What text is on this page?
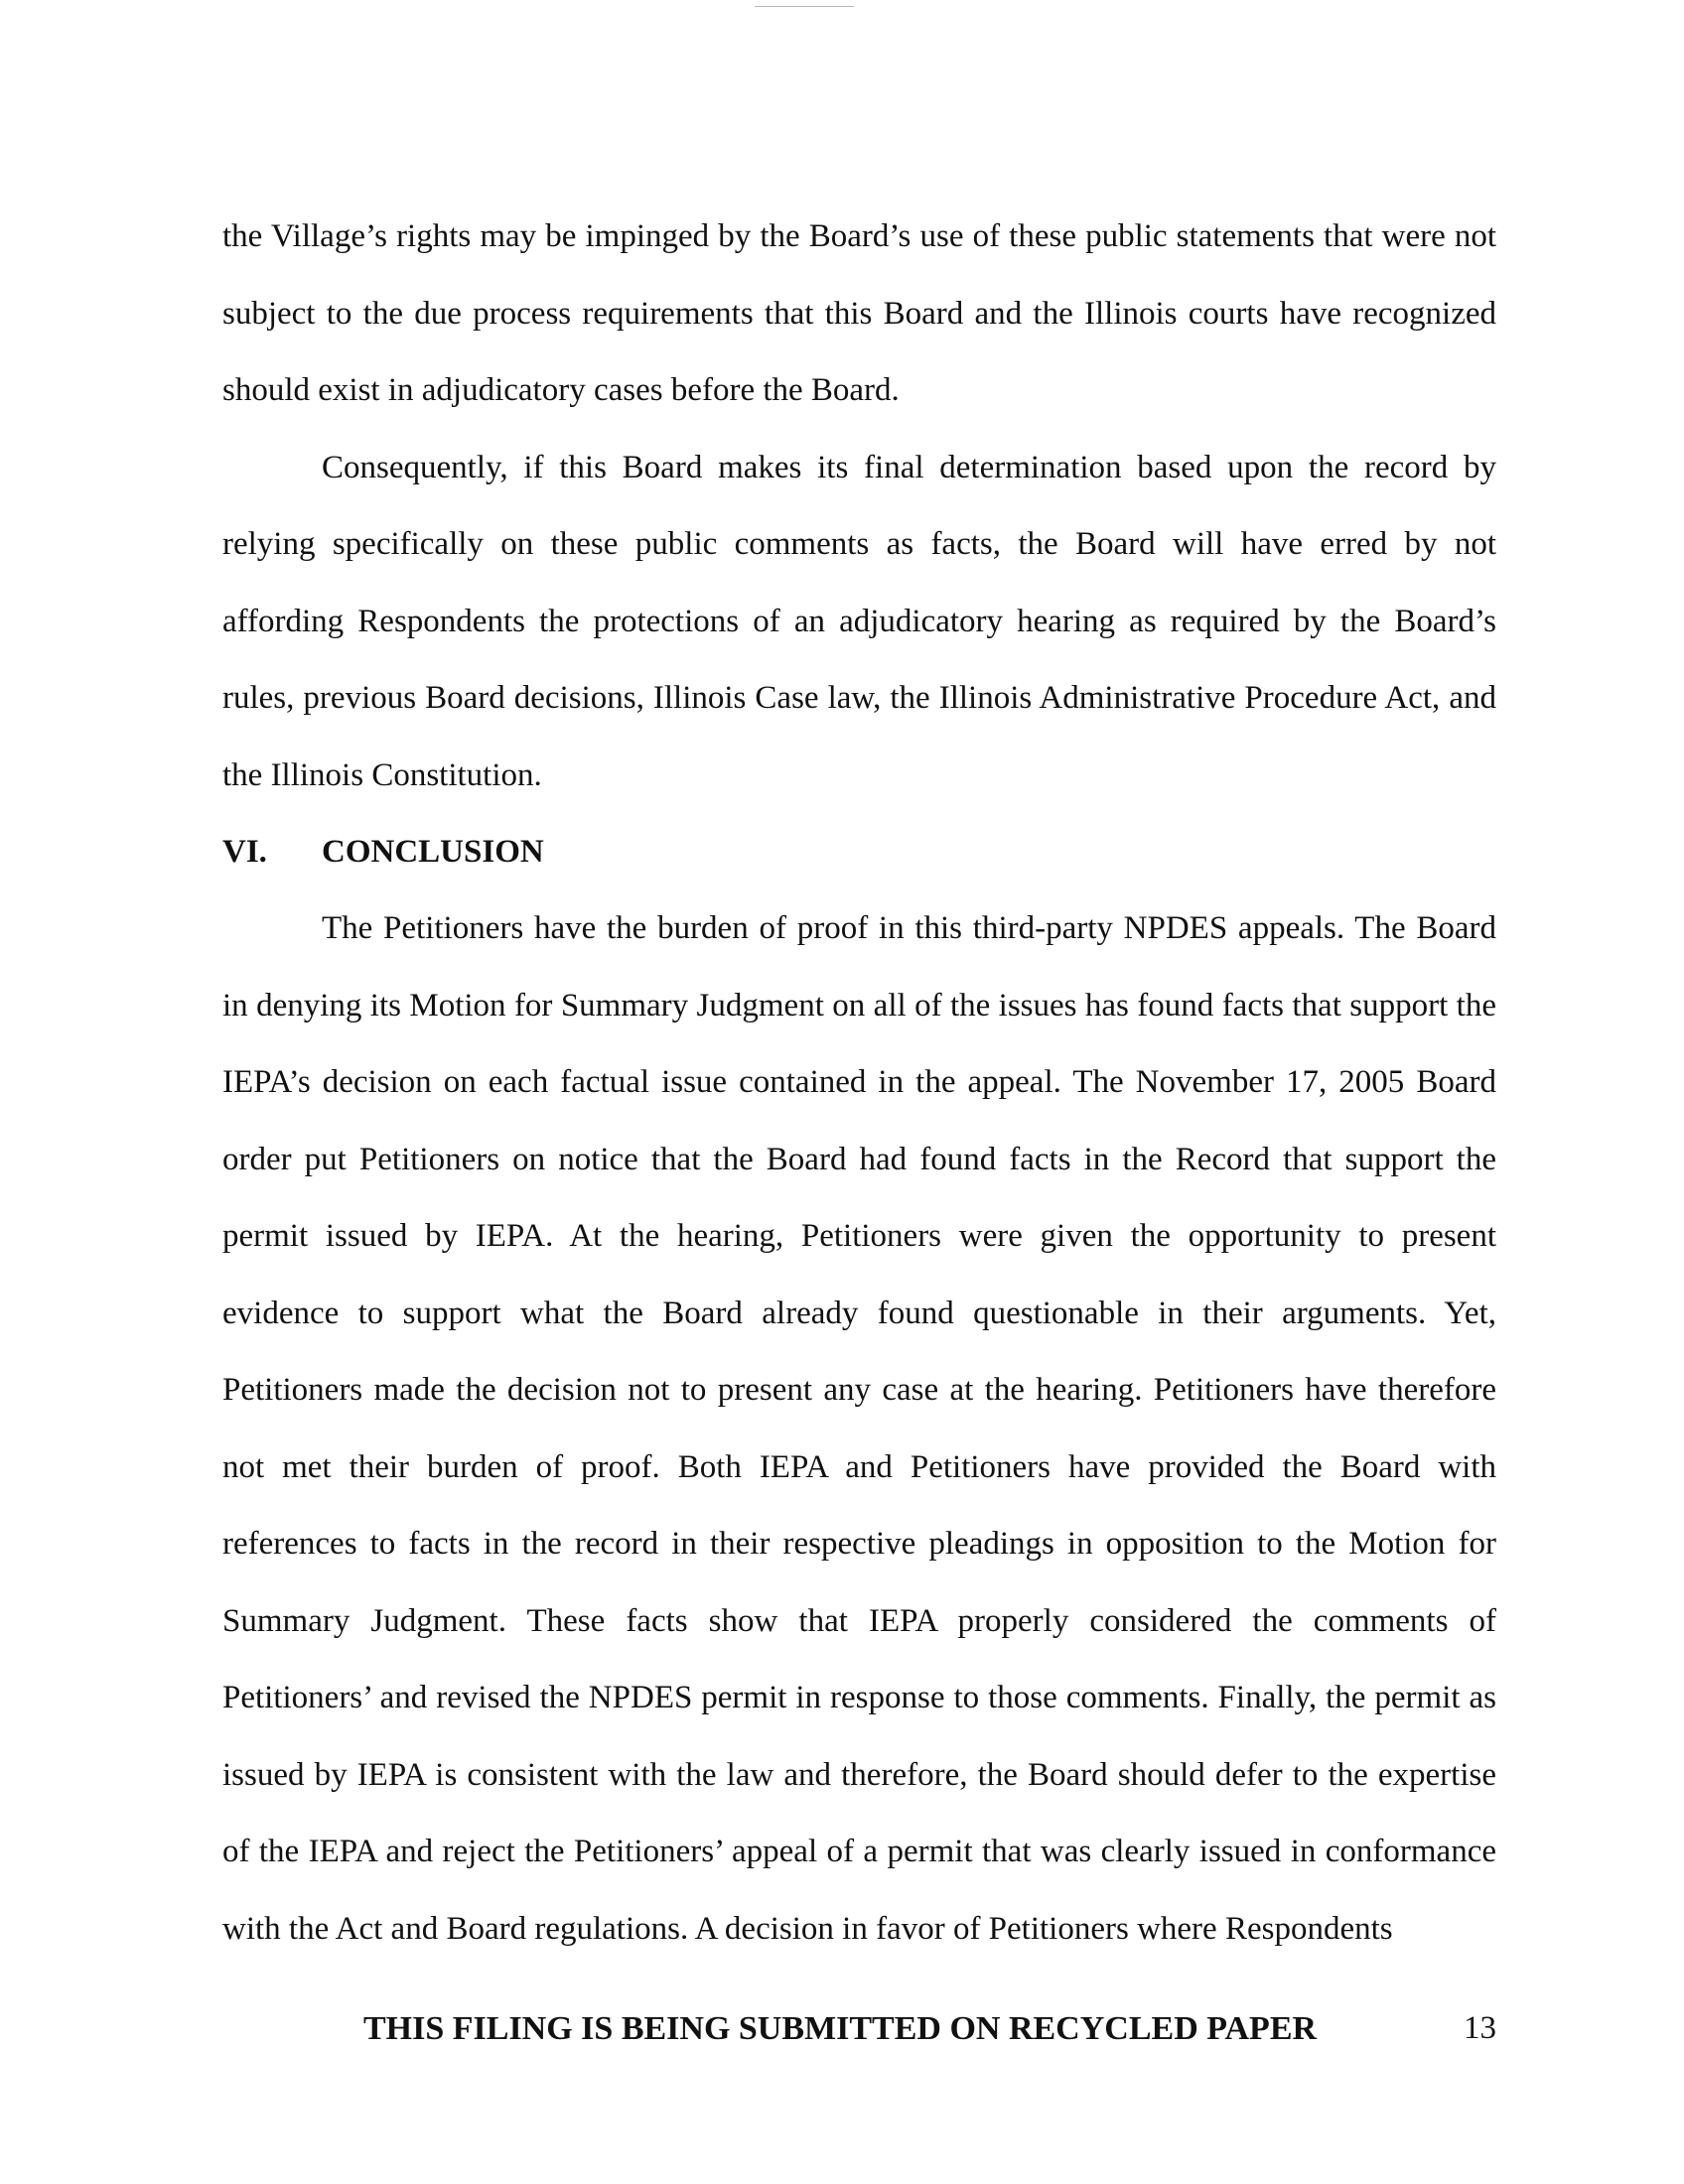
the Village’s rights may be impinged by the Board’s use of these public statements that were not subject to the due process requirements that this Board and the Illinois courts have recognized should exist in adjudicatory cases before the Board.

Consequently, if this Board makes its final determination based upon the record by relying specifically on these public comments as facts, the Board will have erred by not affording Respondents the protections of an adjudicatory hearing as required by the Board’s rules, previous Board decisions, Illinois Case law, the Illinois Administrative Procedure Act, and the Illinois Constitution.

VI.	CONCLUSION

The Petitioners have the burden of proof in this third-party NPDES appeals. The Board in denying its Motion for Summary Judgment on all of the issues has found facts that support the IEPA’s decision on each factual issue contained in the appeal. The November 17, 2005 Board order put Petitioners on notice that the Board had found facts in the Record that support the permit issued by IEPA. At the hearing, Petitioners were given the opportunity to present evidence to support what the Board already found questionable in their arguments. Yet, Petitioners made the decision not to present any case at the hearing. Petitioners have therefore not met their burden of proof. Both IEPA and Petitioners have provided the Board with references to facts in the record in their respective pleadings in opposition to the Motion for Summary Judgment. These facts show that IEPA properly considered the comments of Petitioners’ and revised the NPDES permit in response to those comments. Finally, the permit as issued by IEPA is consistent with the law and therefore, the Board should defer to the expertise of the IEPA and reject the Petitioners’ appeal of a permit that was clearly issued in conformance with the Act and Board regulations. A decision in favor of Petitioners where Respondents

THIS FILING IS BEING SUBMITTED ON RECYCLED PAPER	13
